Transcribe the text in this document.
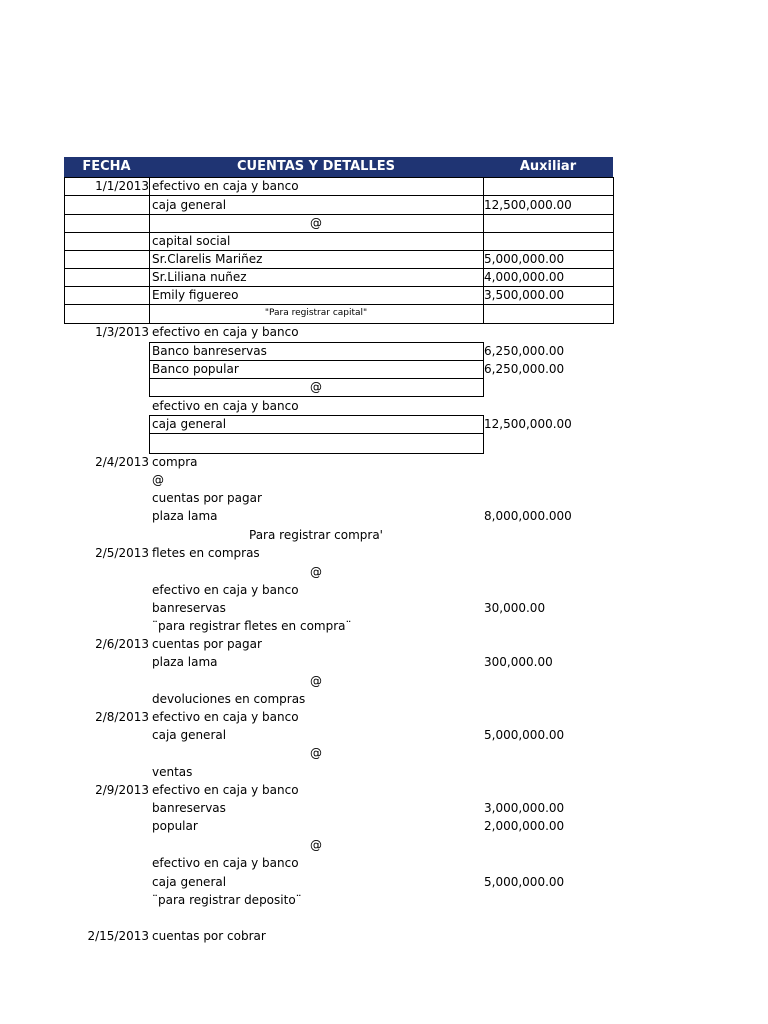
FECHA	CUENTAS Y DETALLES	Auxiliar
1/1/2013 efectivo en caja y banco
caja general	12,500,000.00
@
capital social
Sr.Clarelis Mariñez	5,000,000.00
Sr.Liliana nuñez	4,000,000.00
Emily figuereo	3,500,000.00
"Para registrar capital"
1/3/2013 efectivo en caja y banco
Banco banreservas	6,250,000.00
Banco popular	6,250,000.00
@
efectivo en caja y banco
caja general	12,500,000.00
2/4/2013 compra
@
cuentas por pagar
plaza lama	8,000,000.000
Para registrar compra'
2/5/2013 fletes en compras
@
efectivo en caja y banco
banreservas	30,000.00
¨para registrar fletes en compra¨
2/6/2013 cuentas por pagar
plaza lama	300,000.00
@
devoluciones en compras
2/8/2013 efectivo en caja y banco
caja general	5,000,000.00
@
ventas
2/9/2013 efectivo en caja y banco
banreservas	3,000,000.00
popular	2,000,000.00
@
efectivo en caja y banco
caja general	5,000,000.00
¨para registrar deposito¨
2/15/2013 cuentas por cobrar
